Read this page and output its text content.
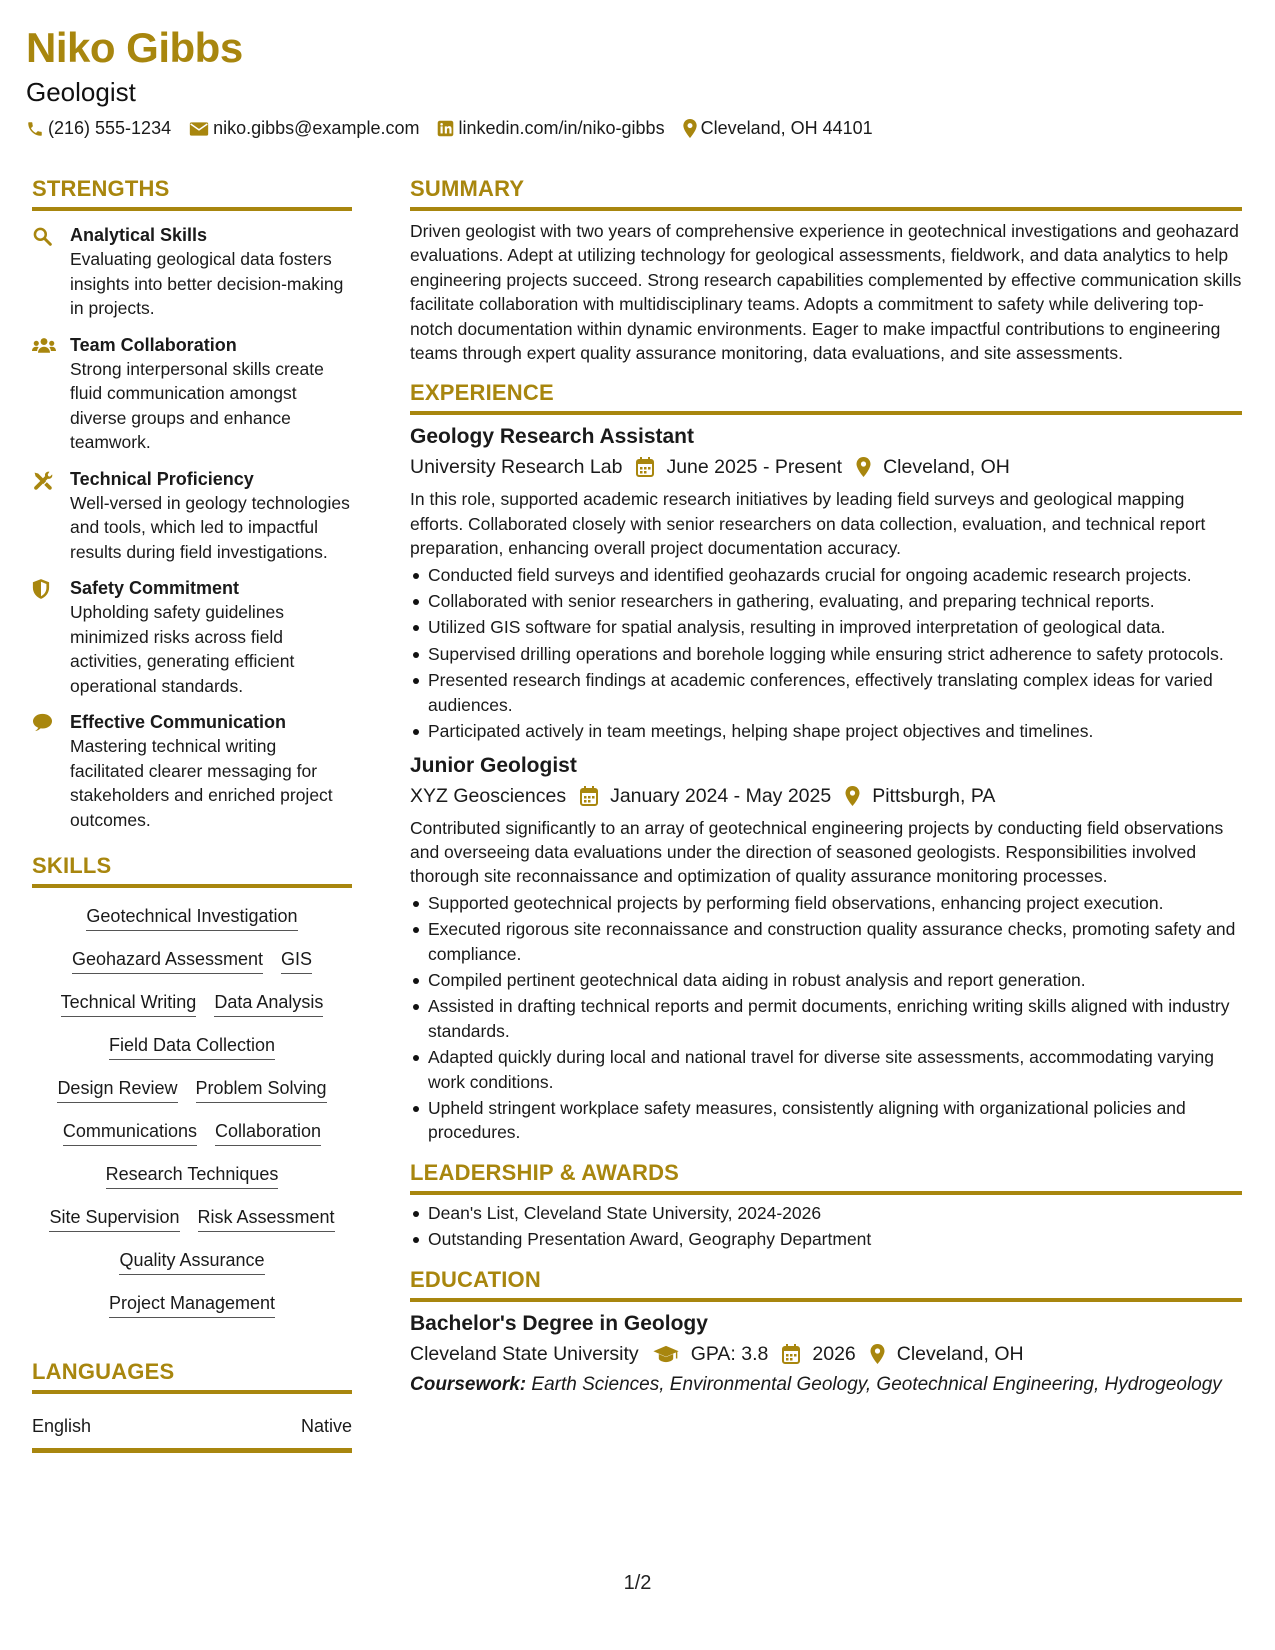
Niko Gibbs
Geologist
(216) 555-1234 niko.gibbs@example.com linkedin.com/in/niko-gibbs Cleveland, OH 44101
STRENGTHS
Analytical Skills
Evaluating geological data fosters insights into better decision-making in projects.
Team Collaboration
Strong interpersonal skills create fluid communication amongst diverse groups and enhance teamwork.
Technical Proficiency
Well-versed in geology technologies and tools, which led to impactful results during field investigations.
Safety Commitment
Upholding safety guidelines minimized risks across field activities, generating efficient operational standards.
Effective Communication
Mastering technical writing facilitated clearer messaging for stakeholders and enriched project outcomes.
SKILLS
Geotechnical Investigation
Geohazard Assessment GIS
Technical Writing Data Analysis
Field Data Collection
Design Review Problem Solving
Communications Collaboration
Research Techniques
Site Supervision Risk Assessment
Quality Assurance
Project Management
LANGUAGES
English	Native
SUMMARY
Driven geologist with two years of comprehensive experience in geotechnical investigations and geohazard evaluations. Adept at utilizing technology for geological assessments, fieldwork, and data analytics to help engineering projects succeed. Strong research capabilities complemented by effective communication skills facilitate collaboration with multidisciplinary teams. Adopts a commitment to safety while delivering top-notch documentation within dynamic environments. Eager to make impactful contributions to engineering teams through expert quality assurance monitoring, data evaluations, and site assessments.
EXPERIENCE
Geology Research Assistant
University Research Lab June 2025 - Present Cleveland, OH
In this role, supported academic research initiatives by leading field surveys and geological mapping efforts. Collaborated closely with senior researchers on data collection, evaluation, and technical report preparation, enhancing overall project documentation accuracy.
Conducted field surveys and identified geohazards crucial for ongoing academic research projects.
Collaborated with senior researchers in gathering, evaluating, and preparing technical reports.
Utilized GIS software for spatial analysis, resulting in improved interpretation of geological data.
Supervised drilling operations and borehole logging while ensuring strict adherence to safety protocols.
Presented research findings at academic conferences, effectively translating complex ideas for varied audiences.
Participated actively in team meetings, helping shape project objectives and timelines.
Junior Geologist
XYZ Geosciences January 2024 - May 2025 Pittsburgh, PA
Contributed significantly to an array of geotechnical engineering projects by conducting field observations and overseeing data evaluations under the direction of seasoned geologists. Responsibilities involved thorough site reconnaissance and optimization of quality assurance monitoring processes.
Supported geotechnical projects by performing field observations, enhancing project execution.
Executed rigorous site reconnaissance and construction quality assurance checks, promoting safety and compliance.
Compiled pertinent geotechnical data aiding in robust analysis and report generation.
Assisted in drafting technical reports and permit documents, enriching writing skills aligned with industry standards.
Adapted quickly during local and national travel for diverse site assessments, accommodating varying work conditions.
Upheld stringent workplace safety measures, consistently aligning with organizational policies and procedures.
LEADERSHIP & AWARDS
Dean's List, Cleveland State University, 2024-2026
Outstanding Presentation Award, Geography Department
EDUCATION
Bachelor's Degree in Geology
Cleveland State University	GPA: 3.8 2026 Cleveland, OH
Coursework: Earth Sciences, Environmental Geology, Geotechnical Engineering, Hydrogeology
1/2
